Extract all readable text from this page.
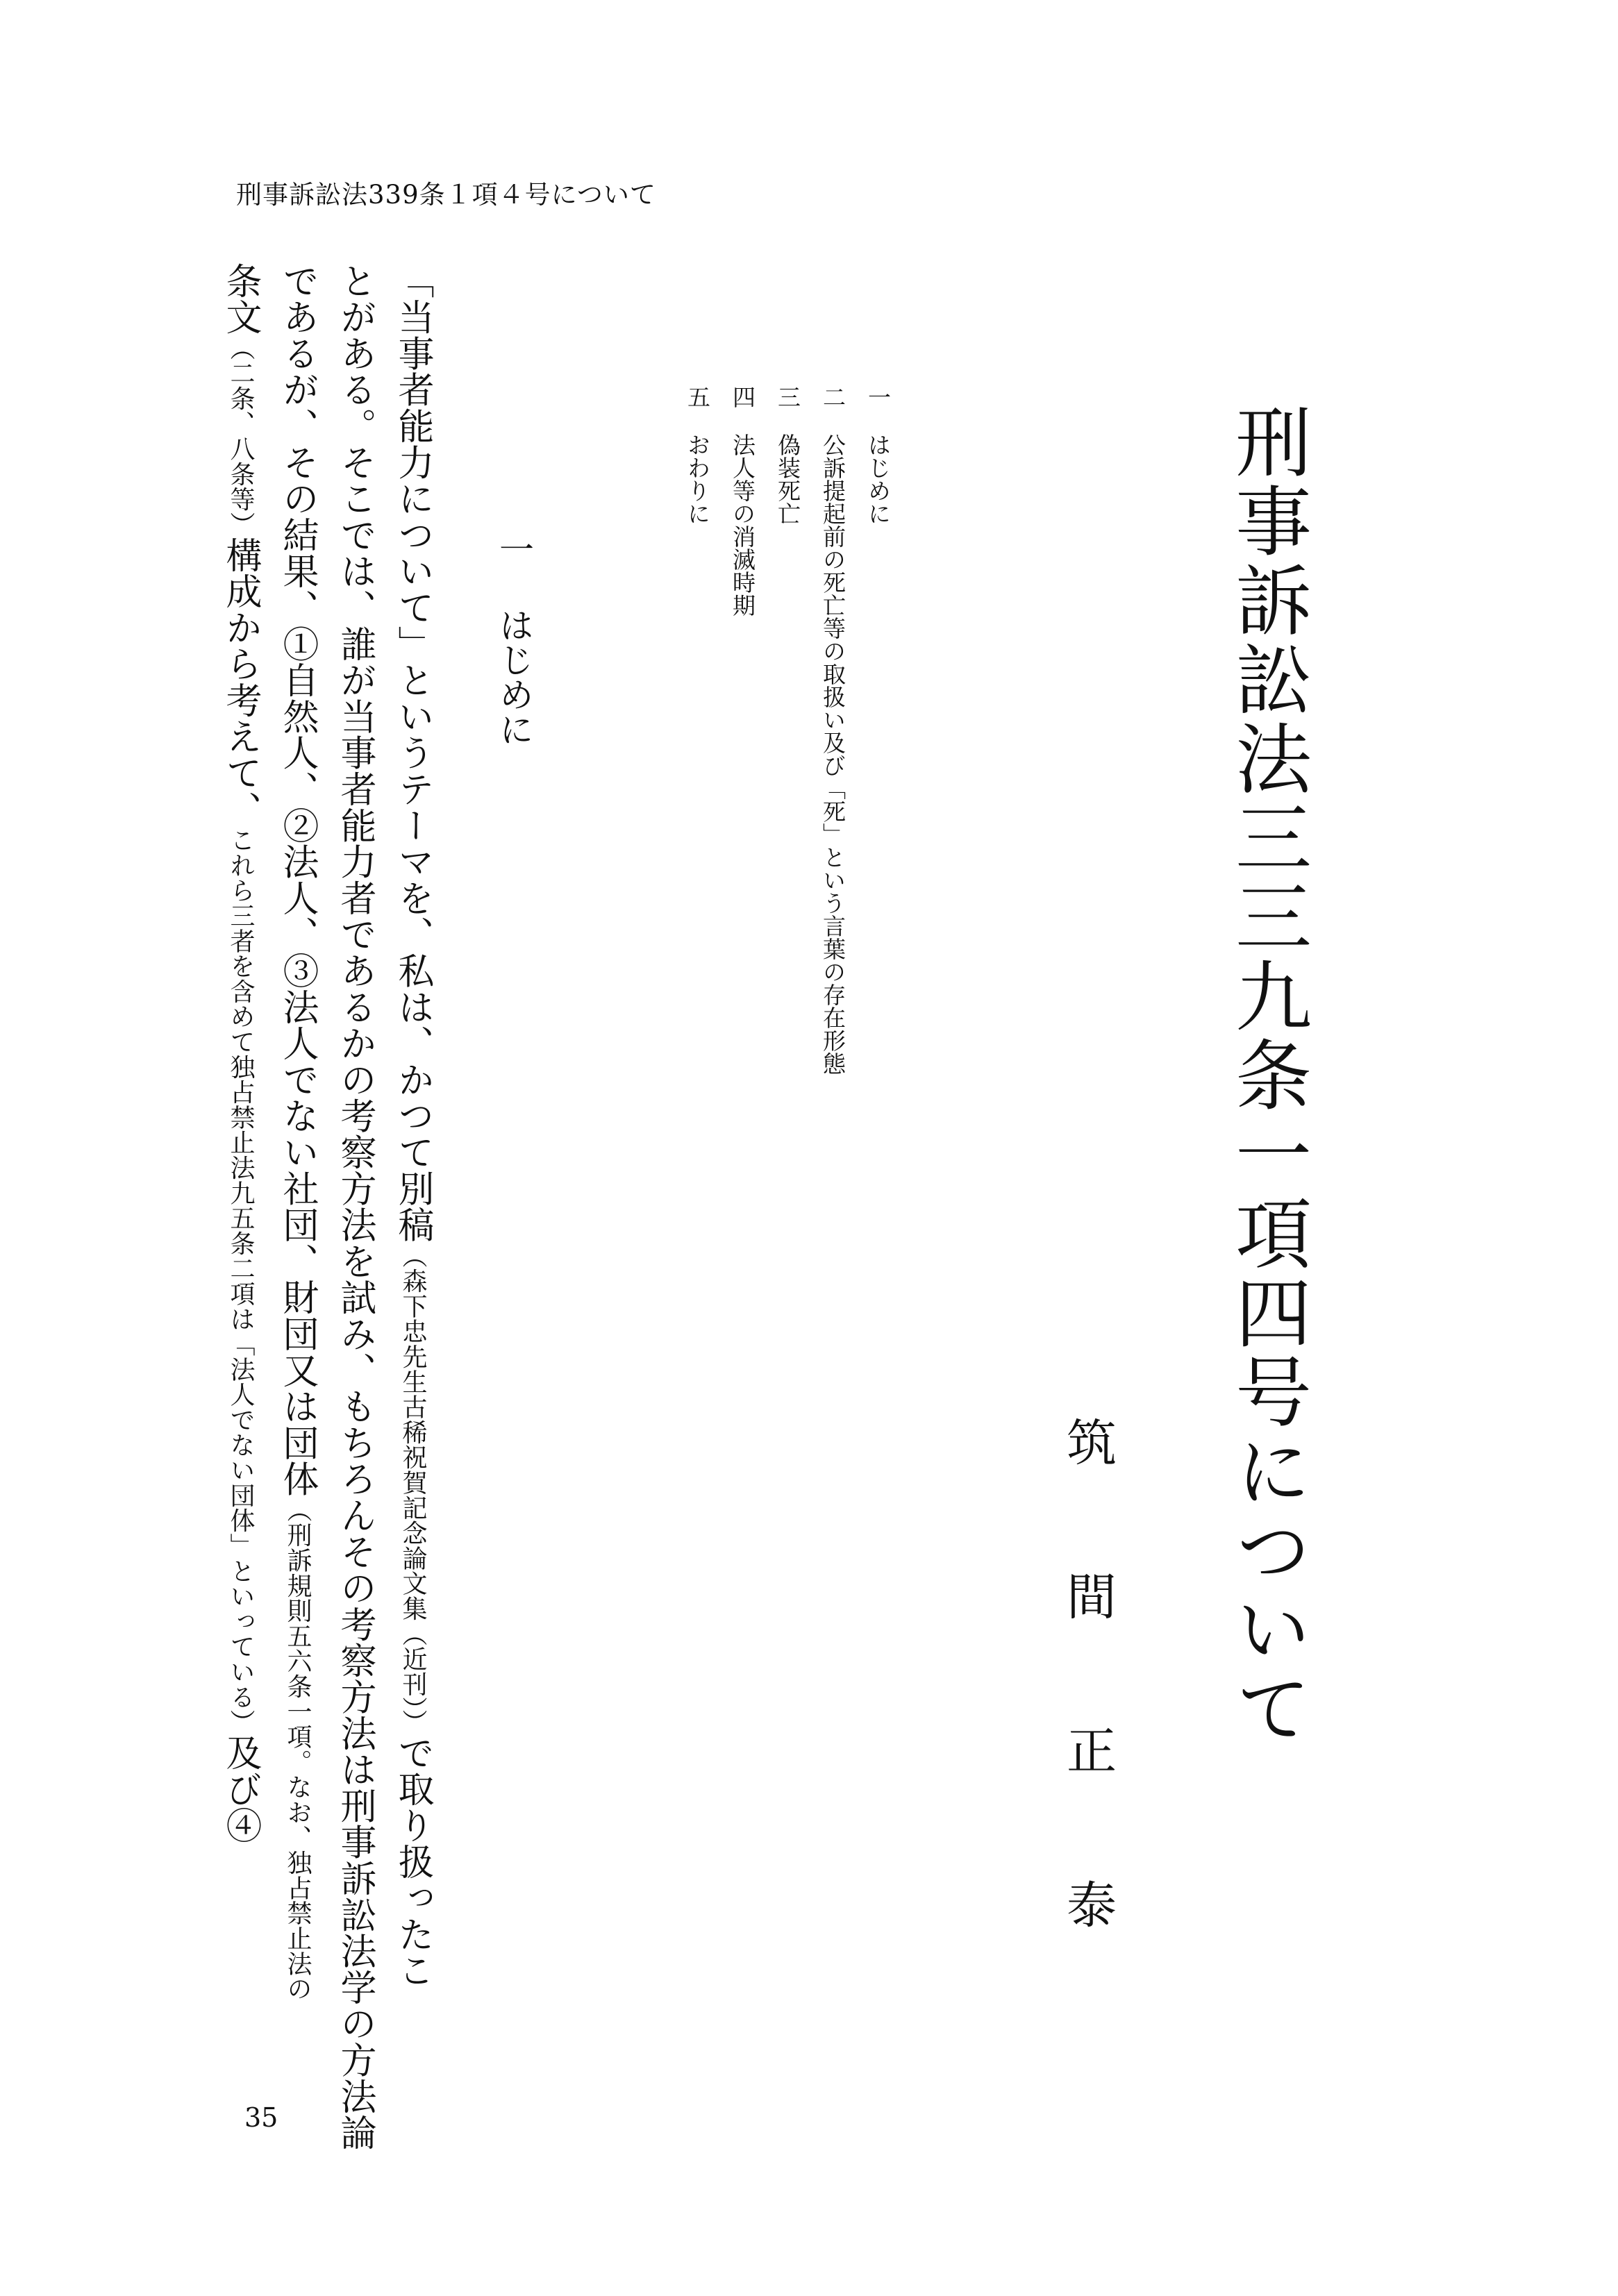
刑事訴訟法339条１項４号について
刑事訴訟法三三九条一項四号について
筑間正泰
一はじめに
二公訴提起前の死亡等の取扱い及び「死」という言葉の存在形態
三偽装死亡
四法人等の消滅時期
五おわりに
一はじめに
「当事者能力について」というテーマを、私は、かつて別稿（森下忠先生古稀祝賀記念論文集（近刊））で取り扱ったこ
とがある。そこでは、誰が当事者能力者であるかの考察方法を試み、もちろんその考察方法は刑事訴訟法学の方法論
であるが、その結果、①自然人、②法人、③法人でない社団、財団又は団体（刑訴規則五六条一項。なお、独占禁止法の
条文（二条、八条等）構成から考えて、これら三者を含めて独占禁止法九五条二項は「法人でない団体」といっている）及び④
35
